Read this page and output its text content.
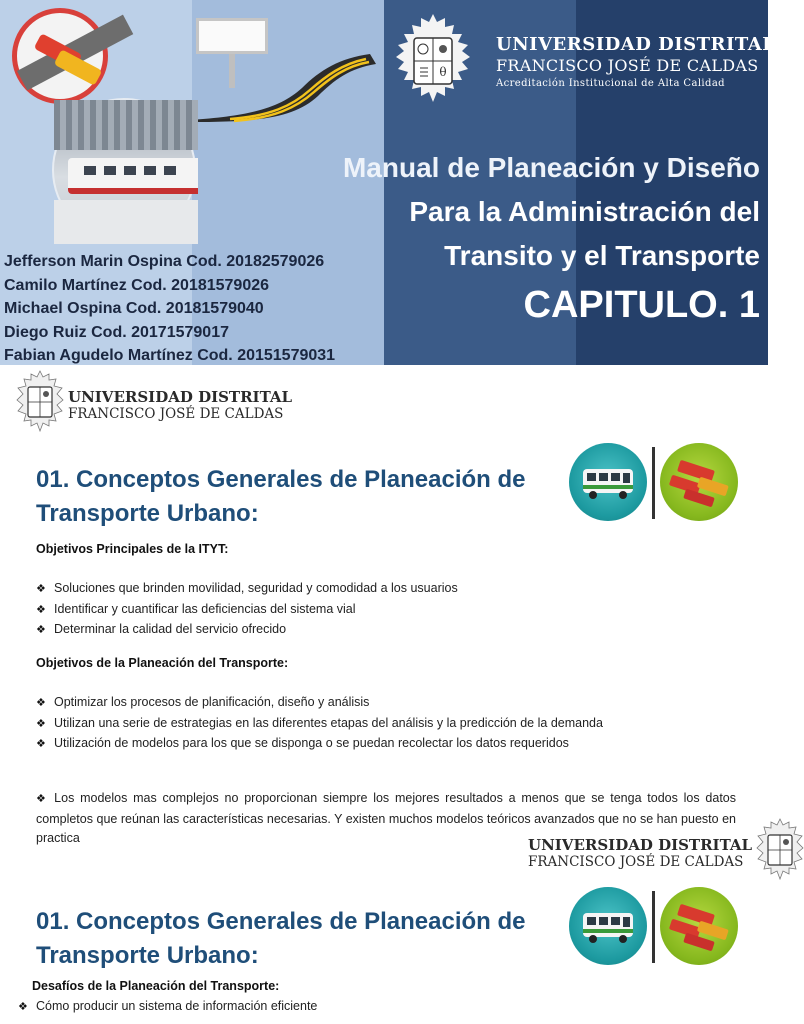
θ
UNIVERSIDAD DISTRITAL
FRANCISCO JOSÉ DE CALDAS
Acreditación Institucional de Alta Calidad
Manual de Planeación y Diseño
Para la Administración del
Transito y el Transporte
CAPITULO. 1
Jefferson Marin Ospina Cod. 20182579026
Camilo Martínez Cod. 20181579026
Michael Ospina Cod. 20181579040
Diego Ruiz Cod. 20171579017
Fabian Agudelo Martínez Cod. 20151579031
UNIVERSIDAD DISTRITAL
FRANCISCO JOSÉ DE CALDAS
01. Conceptos Generales de Planeación de
Transporte Urbano:
Objetivos Principales de la ITYT:
❖ Soluciones que brinden movilidad, seguridad y comodidad a los usuarios
❖ Identificar y cuantificar las deficiencias del sistema vial
❖ Determinar la calidad del servicio ofrecido
Objetivos de la Planeación del Transporte:
❖ Optimizar los procesos de planificación, diseño y análisis
❖ Utilizan una serie de estrategias en las diferentes etapas del análisis y la predicción de la demanda
❖ Utilización de modelos para los que se disponga o se puedan recolectar los datos requeridos

❖ Los modelos mas complejos no proporcionan siempre los mejores resultados a menos que se tenga todos los datos completos que reúnan las características necesarias. Y existen muchos modelos teóricos avanzados que no se han puesto en practica	UNIVERSIDAD DISTRITAL
FRANCISCO JOSÉ DE CALDAS
01. Conceptos Generales de Planeación de
Transporte Urbano:
Desafíos de la Planeación del Transporte:
❖ Cómo producir un sistema de información eficiente
